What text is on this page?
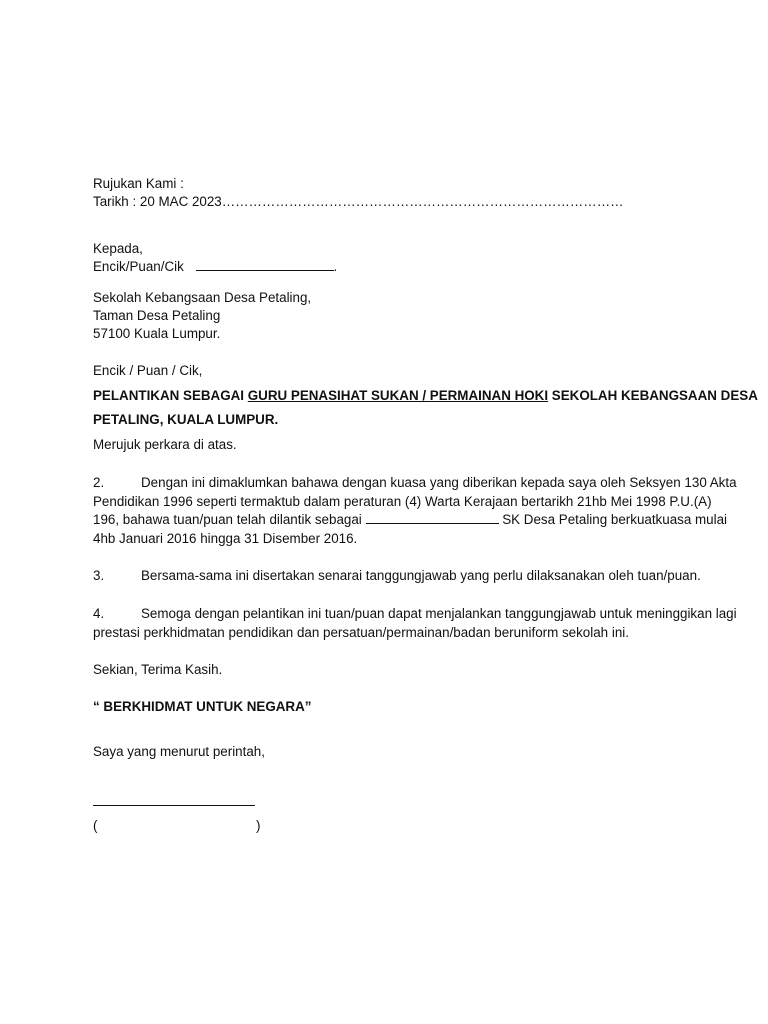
Rujukan Kami :
Tarikh : 20 MAC 2023………………………………………………………………………………
Kepada,
Encik/Puan/Cik	.
Sekolah Kebangsaan Desa Petaling,
Taman Desa Petaling
57100 Kuala Lumpur.
Encik / Puan / Cik,
PELANTIKAN SEBAGAI GURU PENASIHAT SUKAN / PERMAINAN HOKI SEKOLAH KEBANGSAAN DESA
PETALING, KUALA LUMPUR.
Merujuk perkara di atas.
2.	Dengan ini dimaklumkan bahawa dengan kuasa yang diberikan kepada saya oleh Seksyen 130 Akta
Pendidikan 1996 seperti termaktub dalam peraturan (4) Warta Kerajaan bertarikh 21hb Mei 1998 P.U.(A)
196, bahawa tuan/puan telah dilantik sebagai	SK Desa Petaling berkuatkuasa mulai
4hb Januari 2016 hingga 31 Disember 2016.
3.	Bersama-sama ini disertakan senarai tanggungjawab yang perlu dilaksanakan oleh tuan/puan.
4.	Semoga dengan pelantikan ini tuan/puan dapat menjalankan tanggungjawab untuk meninggikan lagi
prestasi perkhidmatan pendidikan dan persatuan/permainan/badan beruniform sekolah ini.
Sekian, Terima Kasih.
“ BERKHIDMAT UNTUK NEGARA”
Saya yang menurut perintah,
(	)
